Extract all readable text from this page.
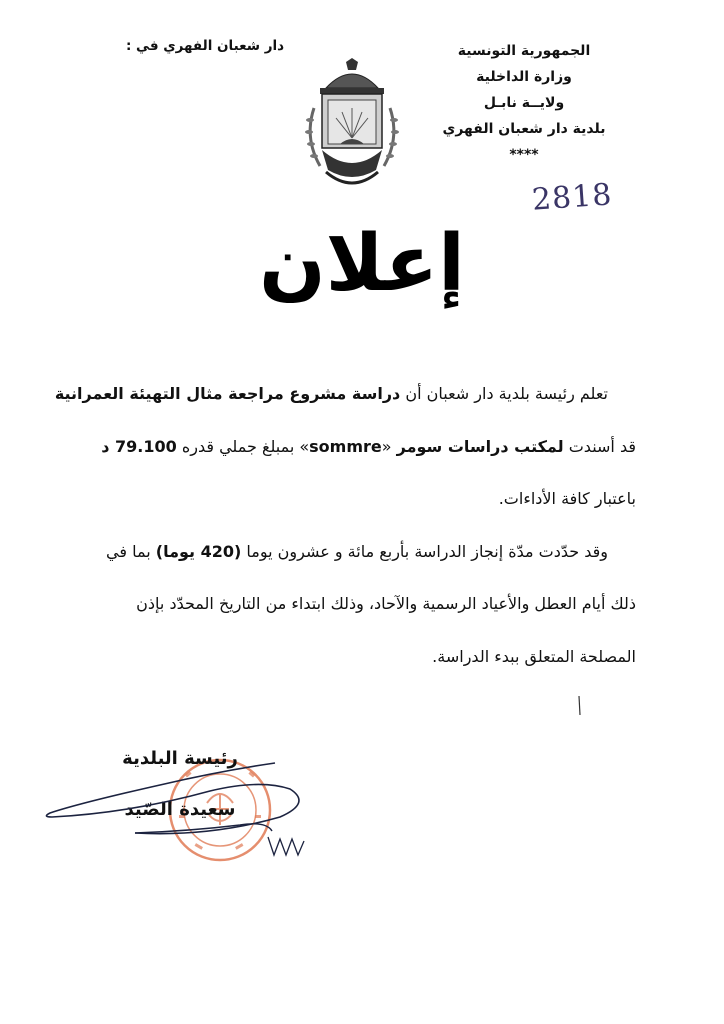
الجمهورية التونسية
وزارة الداخلية
ولايــة نابـل
بلدية دار شعبان الفهري
****
دار شعبان الفهري في :
2818
إعلان

تعلم رئيسة بلدية دار شعبان أن دراسة مشروع مراجعة مثال التهيئة العمرانية
قد أسندت لمكتب دراسات سومر «sommre» بمبلغ جملي قدره 79.100 د
باعتبار كافة الأداءات.

وقد حدّدت مدّة إنجاز الدراسة بأربع مائة و عشرون يوما (420 يوما) بما في
ذلك أيام العطل والأعياد الرسمية والآحاد، وذلك ابتداء من التاريخ المحدّد بإذن
المصلحة المتعلق ببدء الدراسة.

رئيسة البلدية
سعيدة الصّيد
